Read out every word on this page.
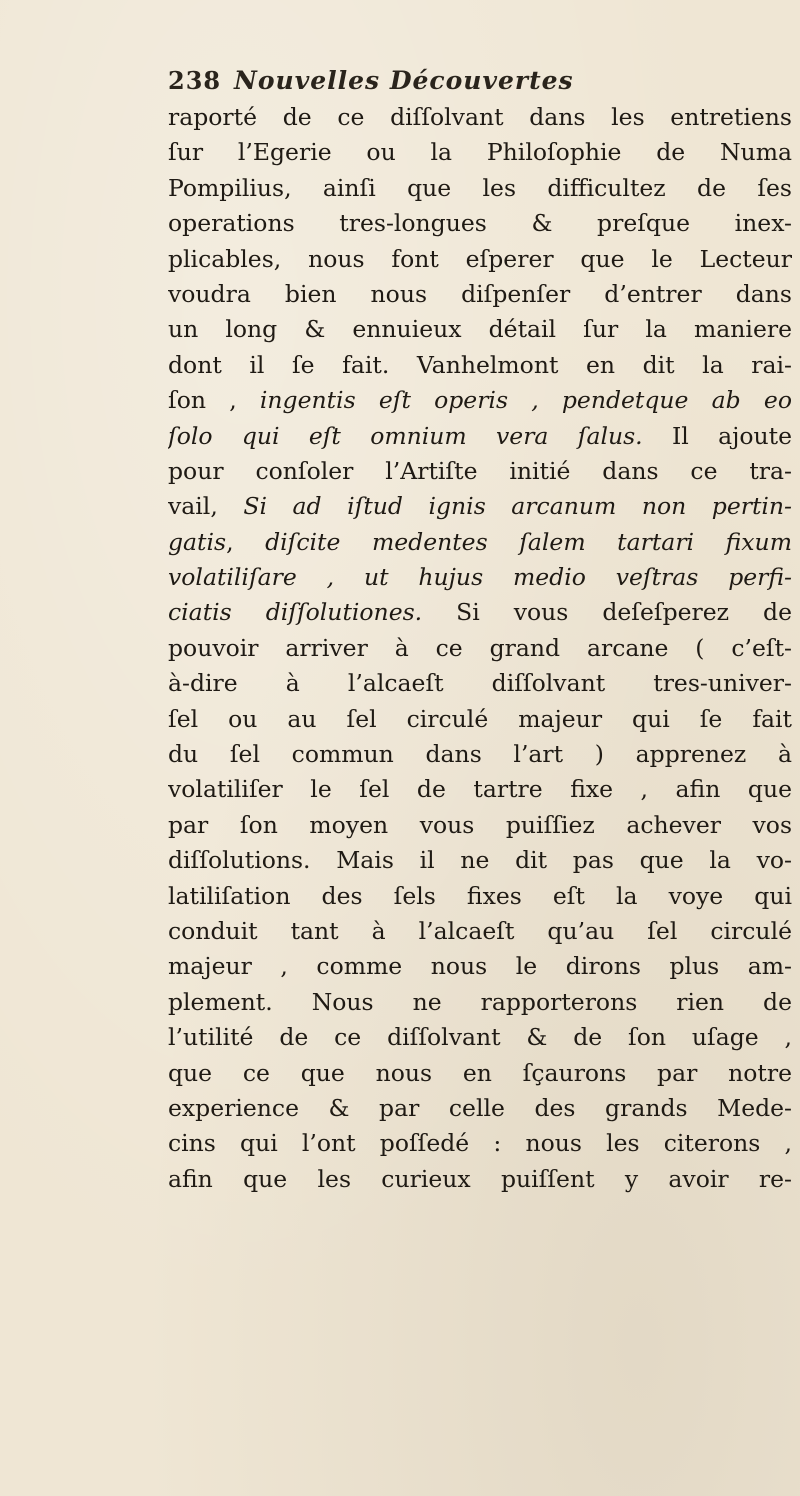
238 Nouvelles Découvertes
raporté de ce diſſolvant dans les entretiens
ſur l’Egerie ou la Philoſophie de Numa
Pompilius, ainſi que les difficultez de ſes
operations tres-longues & preſque inex-
plicables, nous font eſperer que le Lecteur
voudra bien nous diſpenſer d’entrer dans
un long & ennuieux détail ſur la maniere
dont il ſe fait. Vanhelmont en dit la rai-
ſon , ingentis eſt operis , pendetque ab eo
ſolo qui eſt omnium vera ſalus. Il ajoute
pour conſoler l’Artiſte initié dans ce tra-
vail, Si ad iſtud ignis arcanum non pertin-
gatis, diſcite medentes ſalem tartari fixum
volatiliſare , ut hujus medio veſtras perfi-
ciatis diſſolutiones. Si vous deſeſperez de
pouvoir arriver à ce grand arcane ( c’eſt-
à-dire à l’alcaeſt diſſolvant tres-univer-
ſel ou au ſel circulé majeur qui ſe fait
du ſel commun dans l’art ) apprenez à
volatiliſer le ſel de tartre fixe , afin que
par ſon moyen vous puiſſiez achever vos
diſſolutions. Mais il ne dit pas que la vo-
latiliſation des ſels fixes eſt la voye qui
conduit tant à l’alcaeſt qu’au ſel circulé
majeur , comme nous le dirons plus am-
plement. Nous ne rapporterons rien de
l’utilité de ce diſſolvant & de ſon uſage ,
que ce que nous en ſçaurons par notre
experience & par celle des grands Mede-
cins qui l’ont poſſedé : nous les citerons ,
afin que les curieux puiſſent y avoir re-
